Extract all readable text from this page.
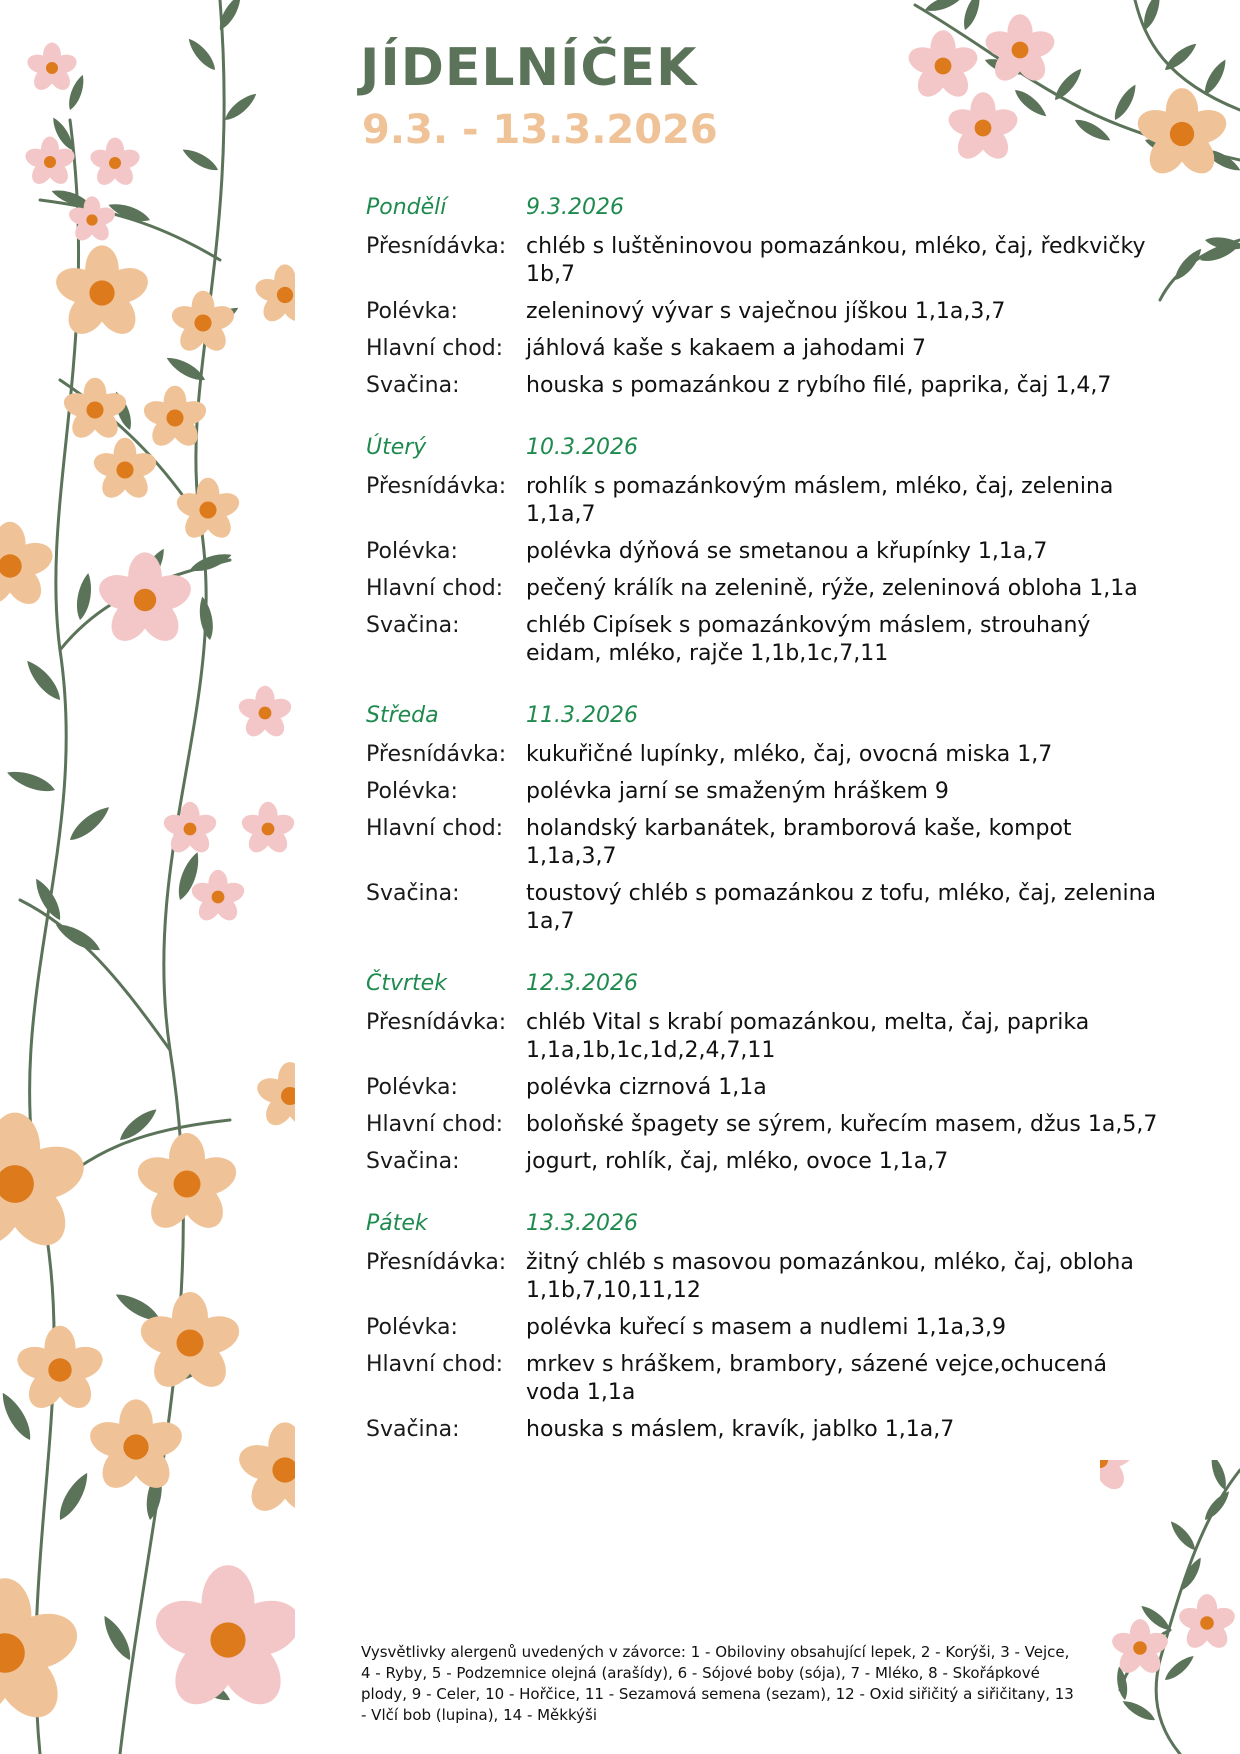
JÍDELNÍČEK
9.3. - 13.3.2026
Pondělí	9.3.2026
Přesnídávka: chléb s luštěninovou pomazánkou, mléko, čaj, ředkvičky 1b,7
Polévka:	zeleninový vývar s vaječnou jíškou 1,1a,3,7
Hlavní chod:	jáhlová kaše s kakaem a jahodami 7
Svačina:	houska s pomazánkou z rybího filé, paprika, čaj 1,4,7
Úterý	10.3.2026
Přesnídávka: rohlík s pomazánkovým máslem, mléko, čaj, zelenina 1,1a,7
Polévka:	polévka dýňová se smetanou a křupínky 1,1a,7
Hlavní chod:	pečený králík na zelenině, rýže, zeleninová obloha 1,1a
Svačina:	chléb Cipísek s pomazánkovým máslem, strouhaný eidam, mléko, rajče 1,1b,1c,7,11
Středa	11.3.2026
Přesnídávka: kukuřičné lupínky, mléko, čaj, ovocná miska 1,7
Polévka:	polévka jarní se smaženým hráškem 9
Hlavní chod:	holandský karbanátek, bramborová kaše, kompot 1,1a,3,7
Svačina:	toustový chléb s pomazánkou z tofu, mléko, čaj, zelenina 1a,7
Čtvrtek	12.3.2026
Přesnídávka: chléb Vital s krabí pomazánkou, melta, čaj, paprika 1,1a,1b,1c,1d,2,4,7,11
Polévka:	polévka cizrnová 1,1a
Hlavní chod:	boloňské špagety se sýrem, kuřecím masem, džus 1a,5,7
Svačina:	jogurt, rohlík, čaj, mléko, ovoce 1,1a,7
Pátek	13.3.2026
Přesnídávka: žitný chléb s masovou pomazánkou, mléko, čaj, obloha 1,1b,7,10,11,12
Polévka:	polévka kuřecí s masem a nudlemi 1,1a,3,9
Hlavní chod:	mrkev s hráškem, brambory, sázené vejce,ochucená voda 1,1a
Svačina:	houska s máslem, kravík, jablko 1,1a,7
Vysvětlivky alergenů uvedených v závorce: 1 - Obiloviny obsahující lepek, 2 - Korýši, 3 - Vejce, 4 - Ryby, 5 - Podzemnice olejná (arašídy), 6 - Sójové boby (sója), 7 - Mléko, 8 - Skořápkové plody, 9 - Celer, 10 - Hořčice, 11 - Sezamová semena (sezam), 12 - Oxid siřičitý a siřičitany, 13 - Vlčí bob (lupina), 14 - Měkkýši
